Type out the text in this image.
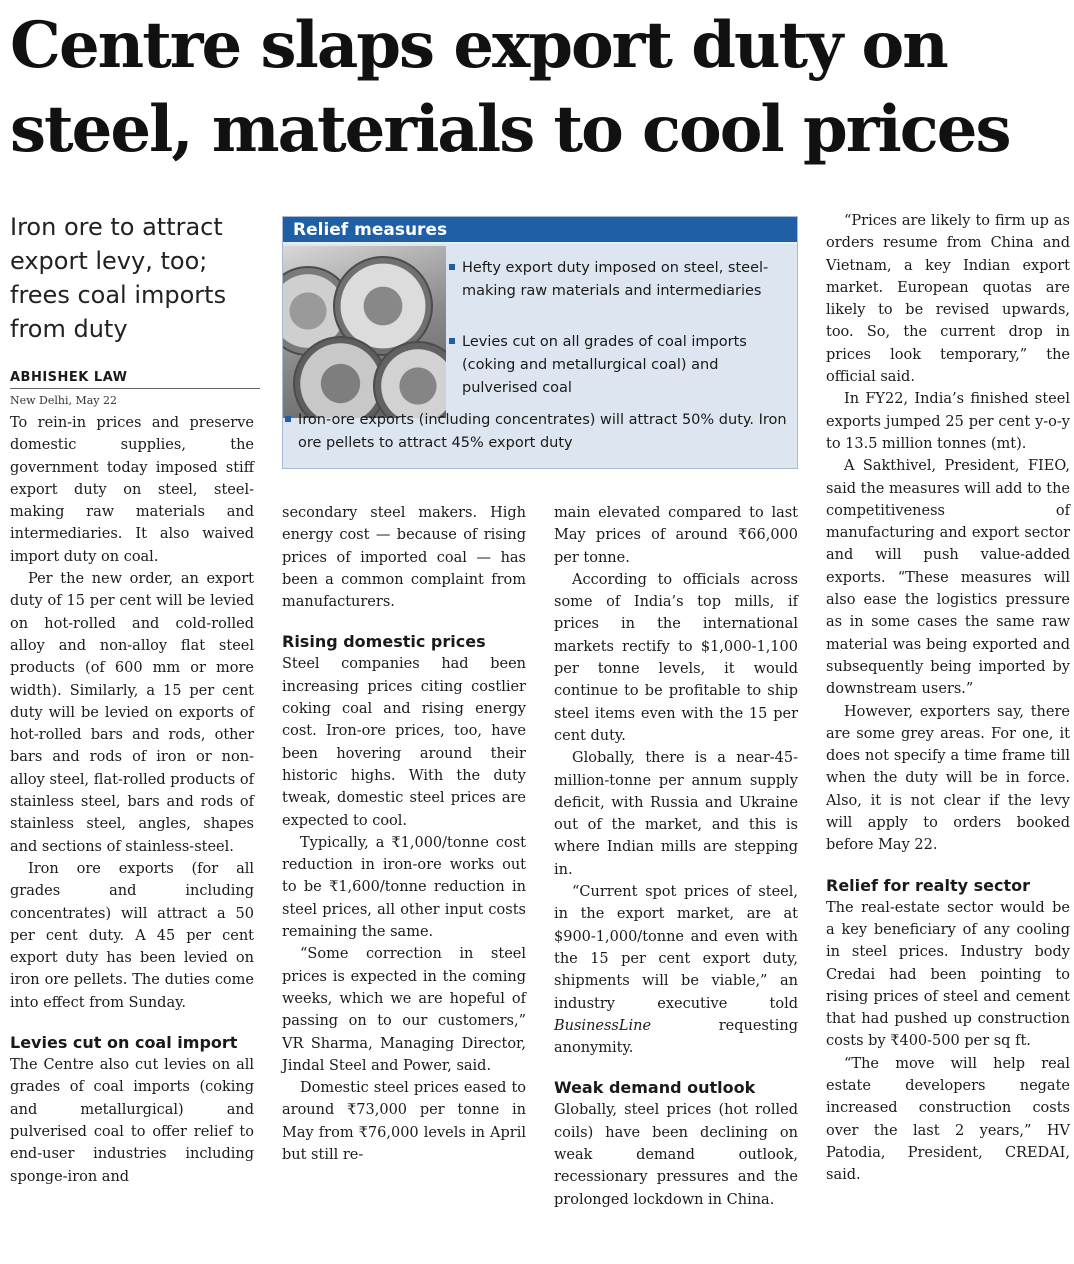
Centre slaps export duty on
steel, materials to cool prices
Iron ore to attract export levy, too; frees coal imports from duty
ABHISHEK LAW
New Delhi, May 22
Relief measures
Hefty export duty imposed on steel, steel-making raw materials and intermediaries
Levies cut on all grades of coal imports (coking and metallurgical coal) and pulverised coal
Iron-ore exports (including concentrates) will attract 50% duty. Iron ore pellets to attract 45% export duty

To rein-in prices and preserve domestic supplies, the government today imposed stiff export duty on steel, steel-making raw materials and intermediaries. It also waived import duty on coal.

Per the new order, an export duty of 15 per cent will be levied on hot-rolled and cold-rolled alloy and non-alloy flat steel products (of 600 mm or more width). Similarly, a 15 per cent duty will be levied on exports of hot-rolled bars and rods, other bars and rods of iron or non-alloy steel, flat-rolled products of stainless steel, bars and rods of stainless steel, angles, shapes and sections of stainless-steel.

Iron ore exports (for all grades and including concentrates) will attract a 50 per cent duty. A 45 per cent export duty has been levied on iron ore pellets. The duties come into effect from Sunday.

Levies cut on coal import

The Centre also cut levies on all grades of coal imports (coking and metallurgical) and pulverised coal to offer relief to end-user industries including sponge-iron and

secondary steel makers. High energy cost — because of rising prices of imported coal — has been a common complaint from manufacturers.

Rising domestic prices

Steel companies had been increasing prices citing costlier coking coal and rising energy cost. Iron-ore prices, too, have been hovering around their historic highs. With the duty tweak, domestic steel prices are expected to cool.

Typically, a ₹1,000/tonne cost reduction in iron-ore works out to be ₹1,600/tonne reduction in steel prices, all other input costs remaining the same.

“Some correction in steel prices is expected in the coming weeks, which we are hopeful of passing on to our customers,” VR Sharma, Managing Director, Jindal Steel and Power, said.

Domestic steel prices eased to around ₹73,000 per tonne in May from ₹76,000 levels in April but still re-

main elevated compared to last May prices of around ₹66,000 per tonne.

According to officials across some of India’s top mills, if prices in the international markets rectify to $1,000-1,100 per tonne levels, it would continue to be profitable to ship steel items even with the 15 per cent duty.

Globally, there is a near-45-million-tonne per annum supply deficit, with Russia and Ukraine out of the market, and this is where Indian mills are stepping in.

“Current spot prices of steel, in the export market, are at $900-1,000/tonne and even with the 15 per cent export duty, shipments will be viable,” an industry executive told BusinessLine requesting anonymity.

Weak demand outlook

Globally, steel prices (hot rolled coils) have been declining on weak demand outlook, recessionary pressures and the prolonged lockdown in China.

“Prices are likely to firm up as orders resume from China and Vietnam, a key Indian export market. European quotas are likely to be revised upwards, too. So, the current drop in prices look temporary,” the official said.

In FY22, India’s finished steel exports jumped 25 per cent y-o-y to 13.5 million tonnes (mt).

A Sakthivel, President, FIEO, said the measures will add to the competitiveness of manufacturing and export sector and will push value-added exports. “These measures will also ease the logistics pressure as in some cases the same raw material was being exported and subsequently being imported by downstream users.”

However, exporters say, there are some grey areas. For one, it does not specify a time frame till when the duty will be in force. Also, it is not clear if the levy will apply to orders booked before May 22.

Relief for realty sector

The real-estate sector would be a key beneficiary of any cooling in steel prices. Industry body Credai had been pointing to rising prices of steel and cement that had pushed up construction costs by ₹400-500 per sq ft.

“The move will help real estate developers negate increased construction costs over the last 2 years,” HV Patodia, President, CREDAI, said.
